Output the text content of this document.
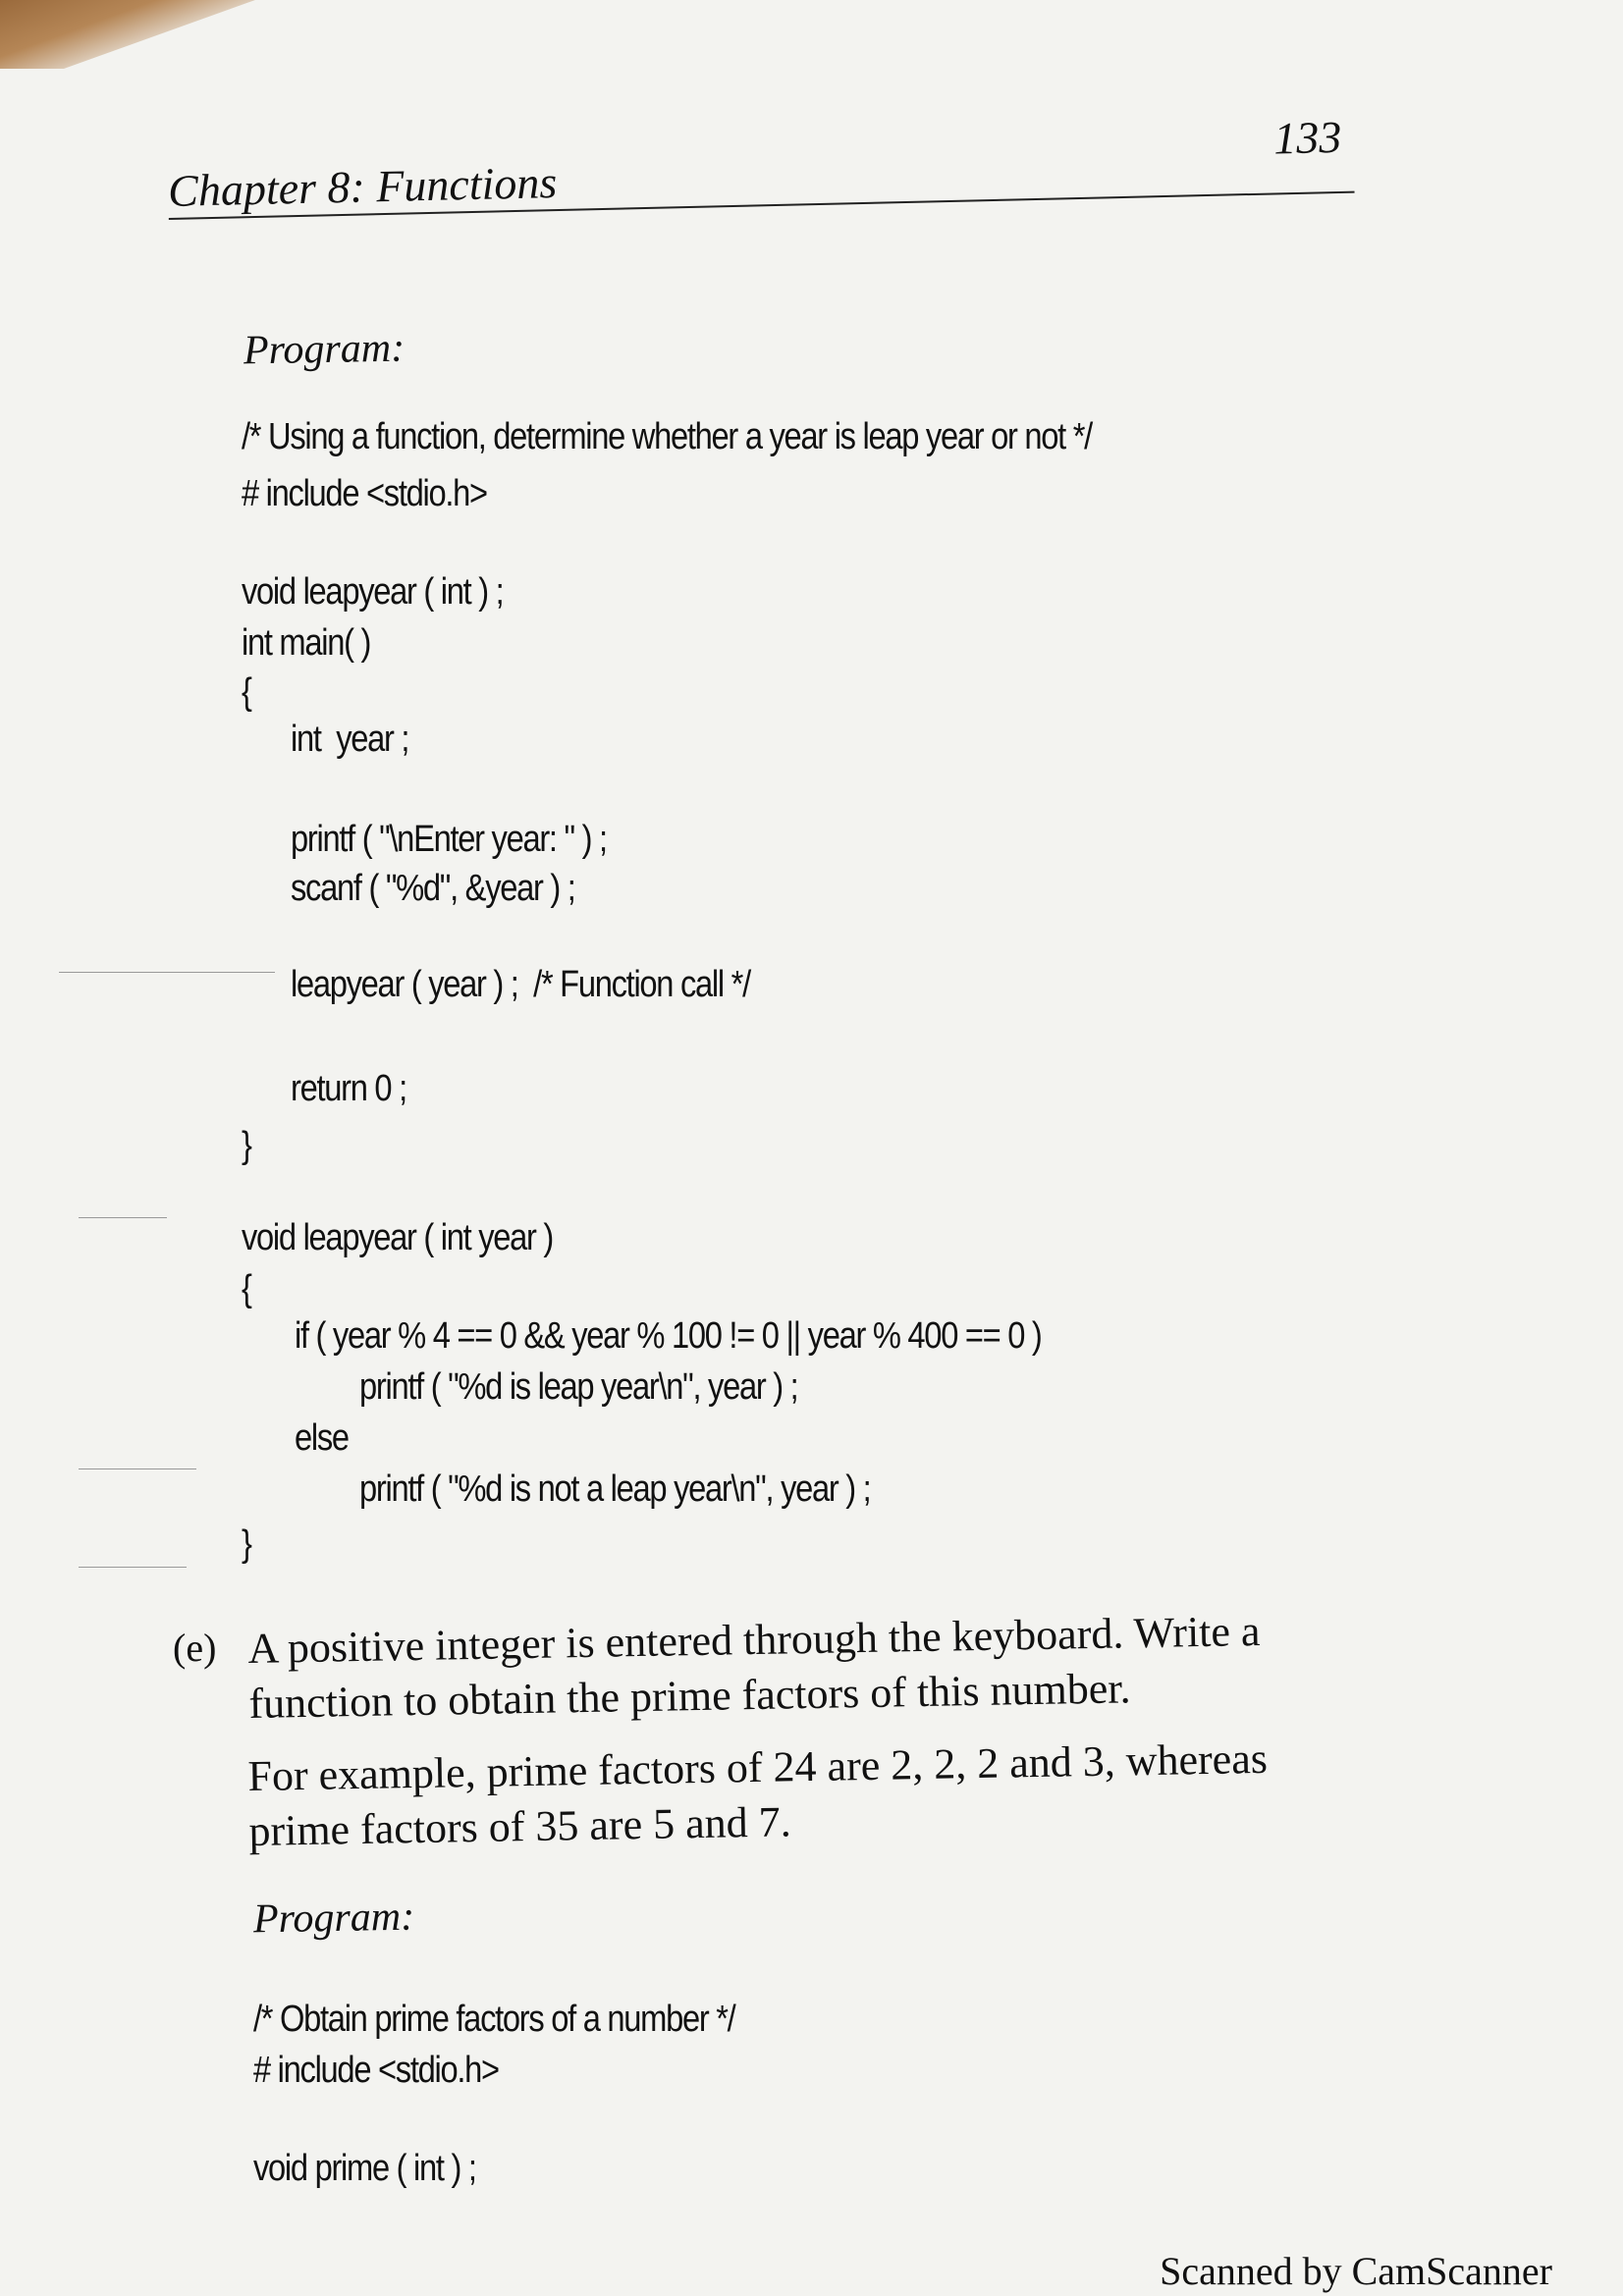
Chapter 8: Functions
133
Program:
/* Using a function, determine whether a year is leap year or not */
# include <stdio.h>
void leapyear ( int ) ;
int main( )
{
int  year ;
printf ( "\nEnter year: " ) ;
scanf ( "%d", &year ) ;
leapyear ( year ) ;  /* Function call */
return 0 ;
}
void leapyear ( int year )
{
if ( year % 4 == 0 && year % 100 != 0 || year % 400 == 0 )
printf ( "%d is leap year\n", year ) ;
else
printf ( "%d is not a leap year\n", year ) ;
}
(e) A positive integer is entered through the keyboard. Write a function to obtain the prime factors of this number.
For example, prime factors of 24 are 2, 2, 2 and 3, whereas prime factors of 35 are 5 and 7.
Program:
/* Obtain prime factors of a number */
# include <stdio.h>
void prime ( int ) ;
Scanned by CamScanner
